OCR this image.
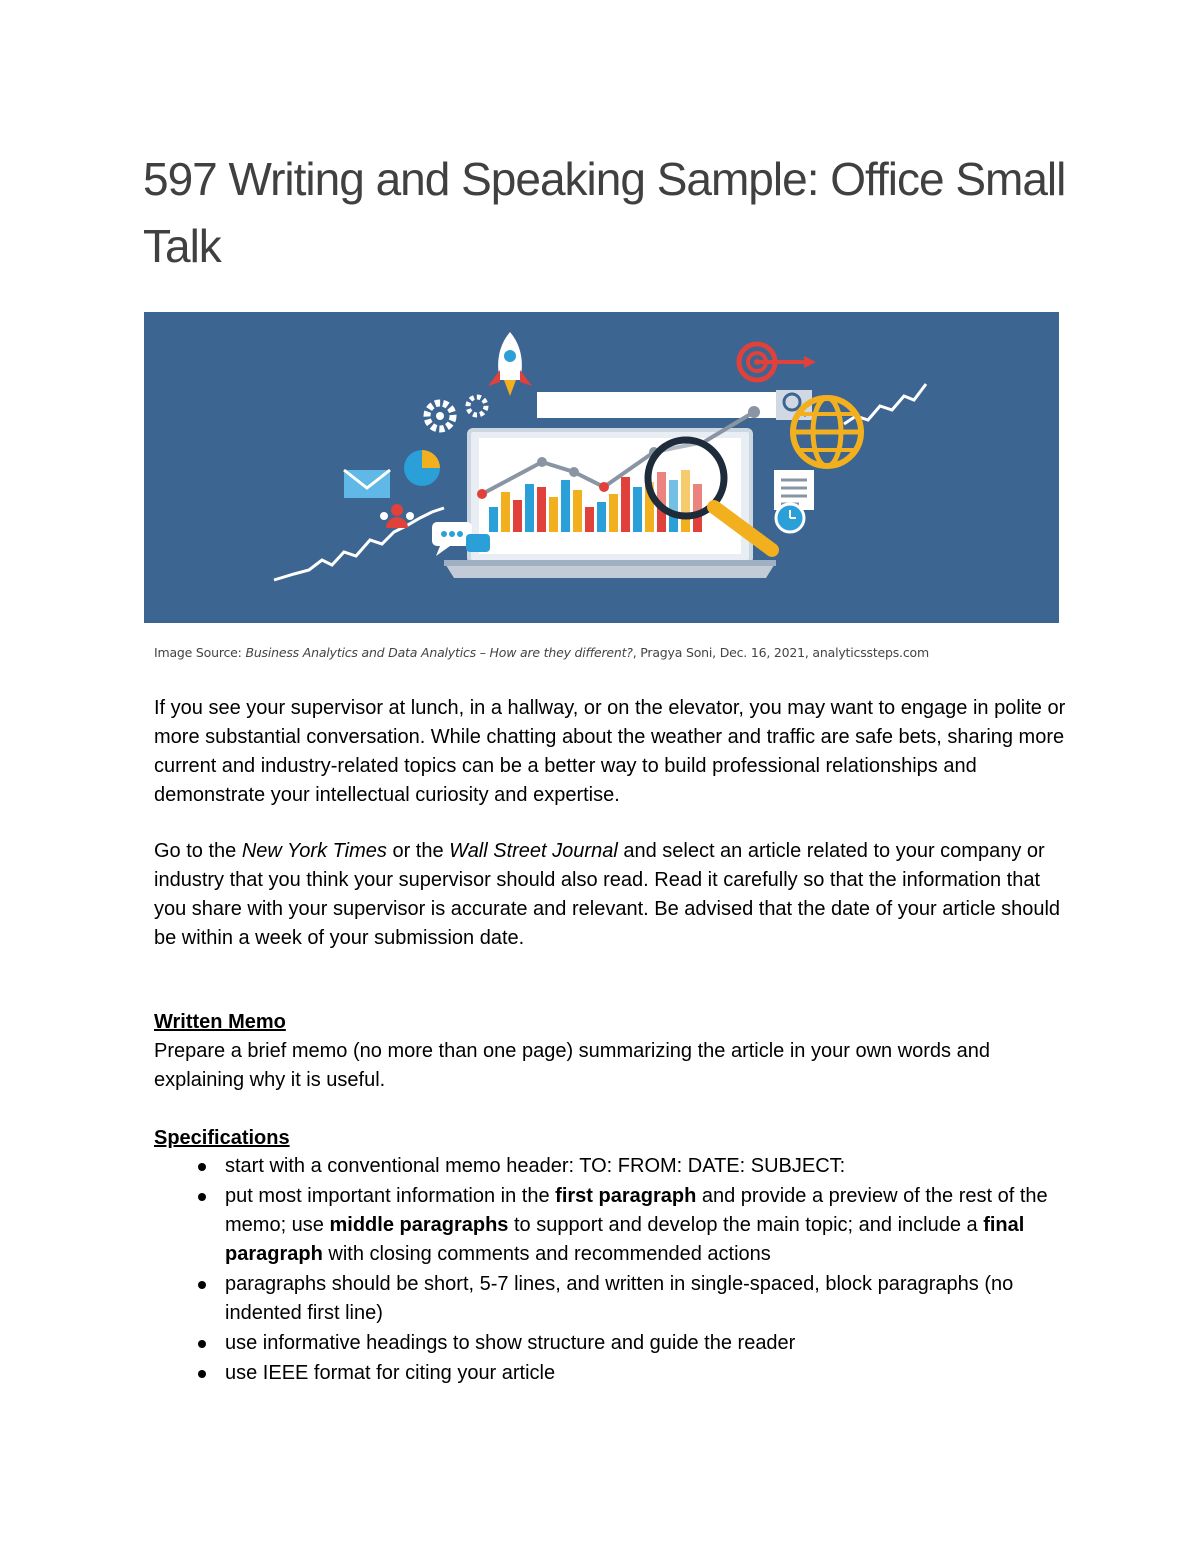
597 Writing and Speaking Sample: Office Small Talk
Image Source: Business Analytics and Data Analytics – How are they different?, Pragya Soni, Dec. 16, 2021, analyticssteps.com

If you see your supervisor at lunch, in a hallway, or on the elevator, you may want to engage in polite or more substantial conversation. While chatting about the weather and traffic are safe bets, sharing more current and industry-related topics can be a better way to build professional relationships and demonstrate your intellectual curiosity and expertise.

Go to the New York Times or the Wall Street Journal and select an article related to your company or industry that you think your supervisor should also read. Read it carefully so that the information that you share with your supervisor is accurate and relevant. Be advised that the date of your article should be within a week of your submission date.

Written Memo

Prepare a brief memo (no more than one page) summarizing the article in your own words and explaining why it is useful.

Specifications

start with a conventional memo header: TO: FROM: DATE: SUBJECT:
put most important information in the first paragraph and provide a preview of the rest of the memo; use middle paragraphs to support and develop the main topic; and include a final paragraph with closing comments and recommended actions
paragraphs should be short, 5-7 lines, and written in single-spaced, block paragraphs (no indented first line)
use informative headings to show structure and guide the reader
use IEEE format for citing your article
